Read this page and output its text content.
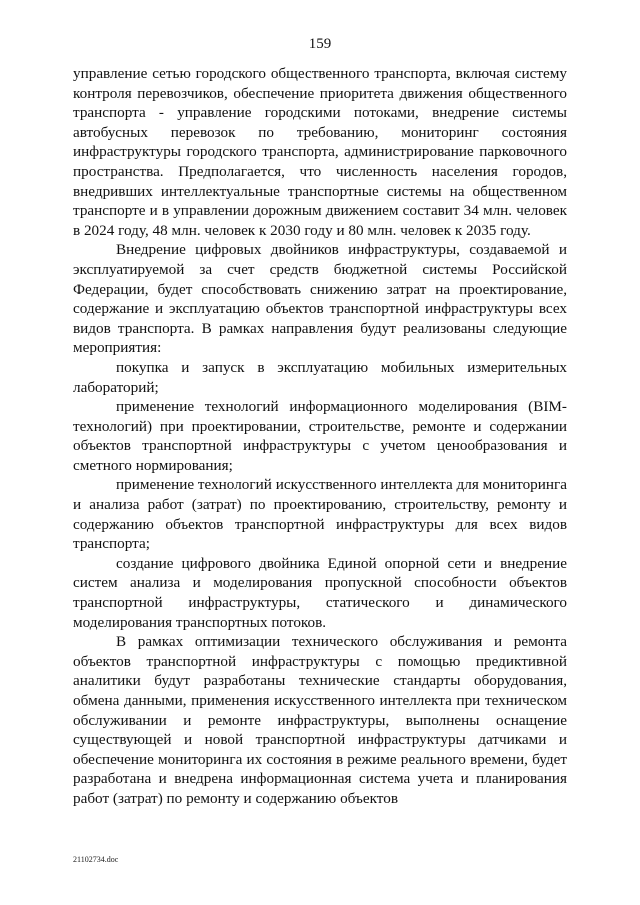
159

управление сетью городского общественного транспорта, включая систему контроля перевозчиков, обеспечение приоритета движения общественного транспорта - управление городскими потоками, внедрение системы автобусных перевозок по требованию, мониторинг состояния инфраструктуры городского транспорта, администрирование парковочного пространства. Предполагается, что численность населения городов, внедривших интеллектуальные транспортные системы на общественном транспорте и в управлении дорожным движением составит 34 млн. человек в 2024 году, 48 млн. человек к 2030 году и 80 млн. человек к 2035 году.

Внедрение цифровых двойников инфраструктуры, создаваемой и эксплуатируемой за счет средств бюджетной системы Российской Федерации, будет способствовать снижению затрат на проектирование, содержание и эксплуатацию объектов транспортной инфраструктуры всех видов транспорта. В рамках направления будут реализованы следующие мероприятия:

покупка и запуск в эксплуатацию мобильных измерительных лабораторий;

применение технологий информационного моделирования (BIM-технологий) при проектировании, строительстве, ремонте и содержании объектов транспортной инфраструктуры с учетом ценообразования и сметного нормирования;

применение технологий искусственного интеллекта для мониторинга и анализа работ (затрат) по проектированию, строительству, ремонту и содержанию объектов транспортной инфраструктуры для всех видов транспорта;

создание цифрового двойника Единой опорной сети и внедрение систем анализа и моделирования пропускной способности объектов транспортной инфраструктуры, статического и динамического моделирования транспортных потоков.

В рамках оптимизации технического обслуживания и ремонта объектов транспортной инфраструктуры с помощью предиктивной аналитики будут разработаны технические стандарты оборудования, обмена данными, применения искусственного интеллекта при техническом обслуживании и ремонте инфраструктуры, выполнены оснащение существующей и новой транспортной инфраструктуры датчиками и обеспечение мониторинга их состояния в режиме реального времени, будет разработана и внедрена информационная система учета и планирования работ (затрат) по ремонту и содержанию объектов

21102734.doc
